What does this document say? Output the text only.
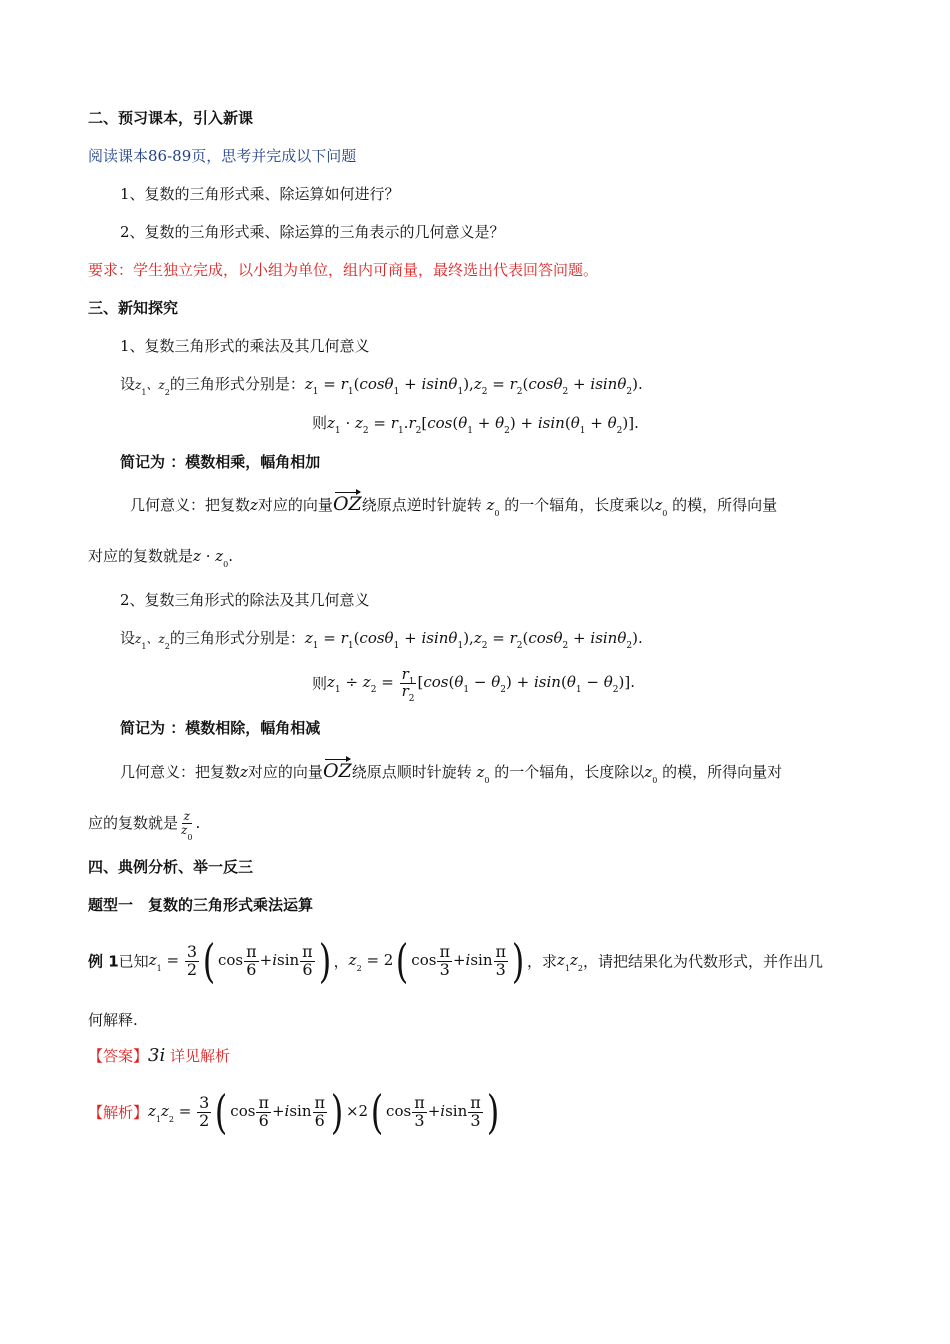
二、预习课本，引入新课
阅读课本86-89页，思考并完成以下问题
1、复数的三角形式乘、除运算如何进行？
2、复数的三角形式乘、除运算的三角表示的几何意义是？
要求：学生独立完成，以小组为单位，组内可商量，最终选出代表回答问题。
三、新知探究
1、复数三角形式的乘法及其几何意义
设$z_1$、$z_2$的三角形式分别是：$z_1 = r_1(\cos\theta_1 + isin\theta_1),z_2 = r_2(\cos\theta_2 + isin\theta_2)$.
则$z_1 \cdot z_2 = r_1.r_2[\cos(\theta_1 + \theta_2) + isin(\theta_1 + \theta_2)]$.
简记为 ：模数相乘，幅角相加
几何意义：把复数z对应的向量OZ绕原点逆时针旋转 $z_0$ 的一个辐角，长度乘以$z_0$ 的模，所得向量
对应的复数就是$z \cdot z_0$.
2、复数三角形式的除法及其几何意义
设$z_1$、$z_2$的三角形式分别是：$z_1 = r_1(\cos\theta_1 + isin\theta_1),z_2 = r_2(\cos\theta_2 + isin\theta_2)$.
则$z_1 \div z_2 = \frac{r_1}{r_2} [\cos(\theta_1 - \theta_2) + isin(\theta_1 - \theta_2)]$.
简记为 ：模数相除，幅角相减
几何意义：把复数z对应的向量OZ绕原点顺时针旋转 $z_0$ 的一个辐角，长度除以$z_0$ 的模，所得向量对
应的复数就是 $\frac{z}{z_0}$ .
四、典例分析、举一反三
题型一　复数的三角形式乘法运算
例 1已知$z_1 = \frac{3}{2}$ ( $\cos \frac{\pi}{6} +isin \frac{\pi}{6}$ ) ，$z_2 = 2$( $\cos \frac{\pi}{3} +isin \frac{\pi}{3}$ ) ，求$z_1z_2$，请把结果化为代数形式，并作出几
何解释.
【答案】3i 详见解析
【解析】$z_1z_2 = \frac{3}{2}$ ( $\cos \frac{\pi}{6} +isin \frac{\pi}{6}$ ) ×2( $\cos \frac{\pi}{3} +isin \frac{\pi}{3}$ )
